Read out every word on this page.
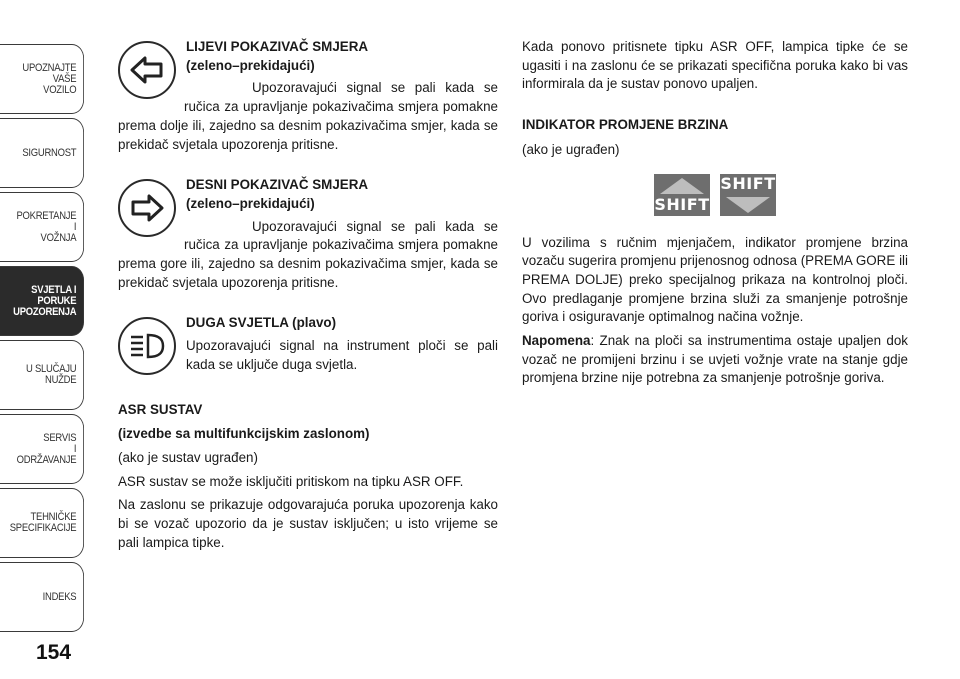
UPOZNAJTE
VAŠE
VOZILO
SIGURNOST
POKRETANJE
I
VOŽNJA
SVJETLA I
PORUKE
UPOZORENJA
U SLUČAJU
NUŽDE
SERVIS
I
ODRŽAVANJE
TEHNIČKE
SPECIFIKACIJE
INDEKS
154
LIJEVI POKAZIVAČ SMJERA
(zeleno–prekidajući)

Upozoravajući signal se pali kada se ručica za upravljanje pokazivačima smjera pomakne prema dolje ili, zajedno sa desnim pokazivačima smjer, kada se prekidač svjetala upozorenja pritisne.

DESNI POKAZIVAČ SMJERA
(zeleno–prekidajući)

Upozoravajući signal se pali kada se ručica za upravljanje pokazivačima smjera pomakne prema gore ili, zajedno sa desnim pokazivačima smjer, kada se prekidač svjetala upozorenja pritisne.

DUGA SVJETLA (plavo)

Upozoravajući signal na instrument ploči se pali kada se uključe duga svjetla.

ASR SUSTAV

(izvedbe sa multifunkcijskim zaslonom)

(ako je sustav ugrađen)

ASR sustav se može isključiti pritiskom na tipku ASR OFF.

Na zaslonu se prikazuje odgovarajuća poruka upozorenja kako bi se vozač upozorio da je sustav isključen; u isto vrijeme se pali lampica tipke.

Kada ponovo pritisnete tipku ASR OFF, lampica tipke će se ugasiti i na zaslonu će se prikazati specifična poruka kako bi vas informirala da je sustav ponovo upaljen.

INDIKATOR PROMJENE BRZINA

(ako je ugrađen)

SHIFT
SHIFT

U vozilima s ručnim mjenjačem, indikator promjene brzina vozaču sugerira promjenu prijenosnog odnosa (PREMA GORE ili PREMA DOLJE) preko specijalnog prikaza na kontrolnoj ploči. Ovo predlaganje promjene brzina služi za smanjenje potrošnje goriva i osiguravanje optimalnog načina vožnje.

Napomena: Znak na ploči sa instrumentima ostaje upaljen dok vozač ne promijeni brzinu i se uvjeti vožnje vrate na stanje gdje promjena brzine nije potrebna za smanjenje potrošnje goriva.
